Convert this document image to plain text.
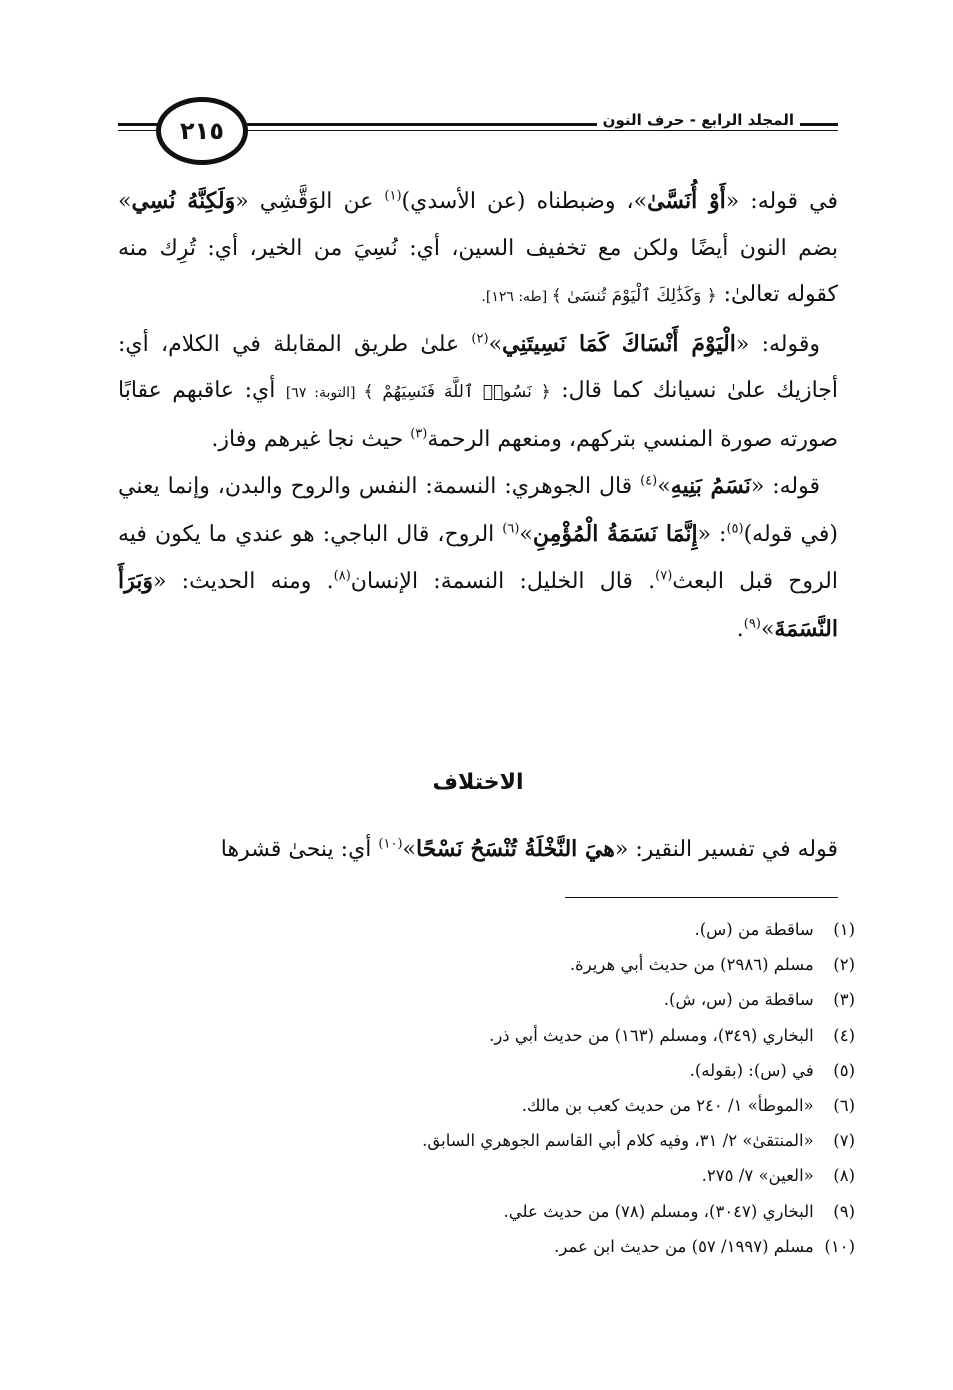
٢١٥	المجلد الرابع - حرف النون

في قوله: «أَوْ أُنَسَّىٰ»، وضبطناه (عن الأسدي)$^{(١)}$ عن الوَقَّشِي «وَلَكِنَّهُ نُسِي» بضم النون أيضًا ولكن مع تخفيف السين، أي: نُسِيَ من الخير، أي: تُرِك منه كقوله تعالىٰ: ﴿ وَكَذَٰلِكَ ٱلْيَوْمَ تُنسَىٰ ﴾ [طه: ١٢٦].

وقوله: «الْيَوْمَ أَنْسَاكَ كَمَا نَسِيتَنِي»$^{(٢)}$ علىٰ طريق المقابلة في الكلام، أي: أجازيك علىٰ نسيانك كما قال: ﴿ نَسُوا۟ ٱللَّهَ فَنَسِيَهُمْ ﴾ [التوبة: ٦٧] أي: عاقبهم عقابًا صورته صورة المنسي بتركهم، ومنعهم الرحمة$^{(٣)}$ حيث نجا غيرهم وفاز.

قوله: «نَسَمُ بَنِيهِ»$^{(٤)}$ قال الجوهري: النسمة: النفس والروح والبدن، وإنما يعني (في قوله)$^{(٥)}$: «إِنَّمَا نَسَمَةُ الْمُؤْمِنِ»$^{(٦)}$ الروح، قال الباجي: هو عندي ما يكون فيه الروح قبل البعث$^{(٧)}$. قال الخليل: النسمة: الإنسان$^{(٨)}$. ومنه الحديث: «وَبَرَأَ النَّسَمَةَ»$^{(٩)}$.

الاختلاف

قوله في تفسير النقير: «هيَ النَّخْلَةُ تُنْسَحُ نَسْحًا»$^{(١٠)}$ أي: ينحىٰ قشرها

(١) ساقطة من (س).
(٢) مسلم (٢٩٨٦) من حديث أبي هريرة.
(٣) ساقطة من (س، ش).
(٤) البخاري (٣٤٩)، ومسلم (١٦٣) من حديث أبي ذر.
(٥) في (س): (بقوله).
(٦) «الموطأ» ١/ ٢٤٠ من حديث كعب بن مالك.
(٧) «المنتقىٰ» ٢/ ٣١، وفيه كلام أبي القاسم الجوهري السابق.
(٨) «العين» ٧/ ٢٧٥.
(٩) البخاري (٣٠٤٧)، ومسلم (٧٨) من حديث علي.
(١٠) مسلم (١٩٩٧/ ٥٧) من حديث ابن عمر.
